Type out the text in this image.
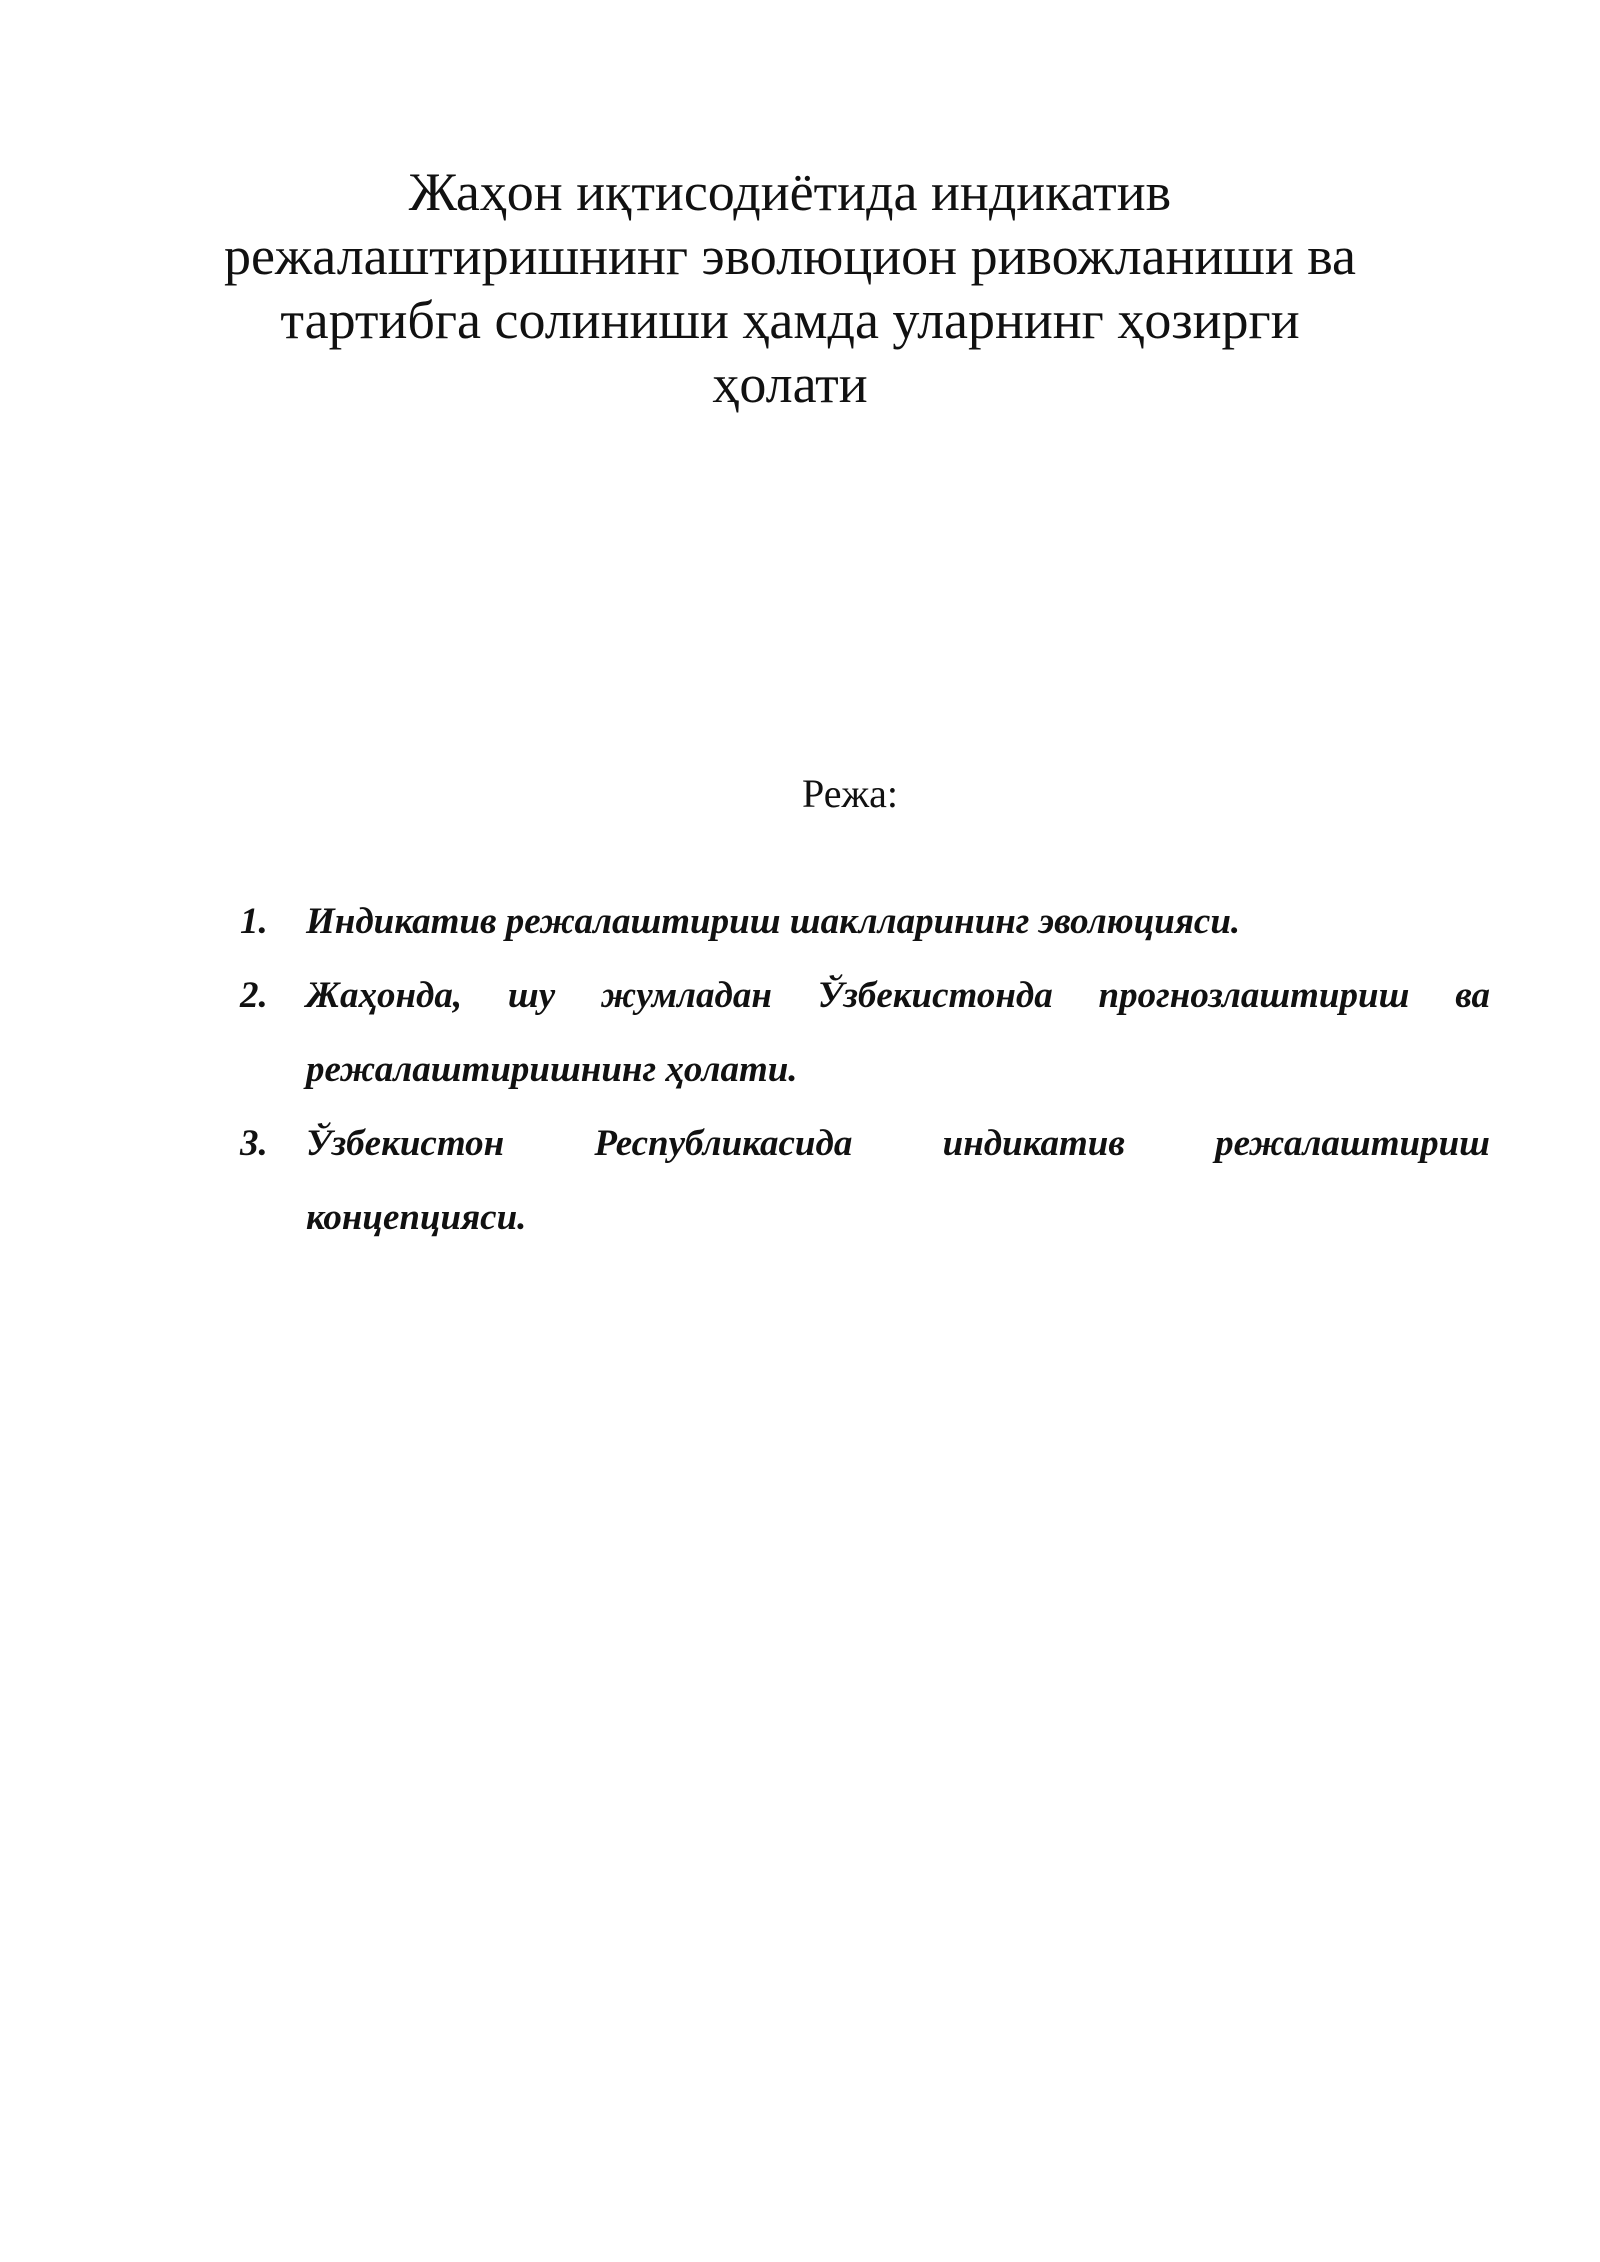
Жаҳон иқтисодиётида индикатив
режалаштиришнинг эволюцион ривожланиши ва
тартибга солиниши ҳамда уларнинг ҳозирги
ҳолати
Режа:
1. Индикатив режалаштириш шаклларининг эволюцияси.
2. Жаҳонда, шу жумладан Ўзбекистонда прогнозлаштириш ва
режалаштиришнинг ҳолати.
3. Ўзбекистон Республикасида индикатив режалаштириш
концепцияси.
